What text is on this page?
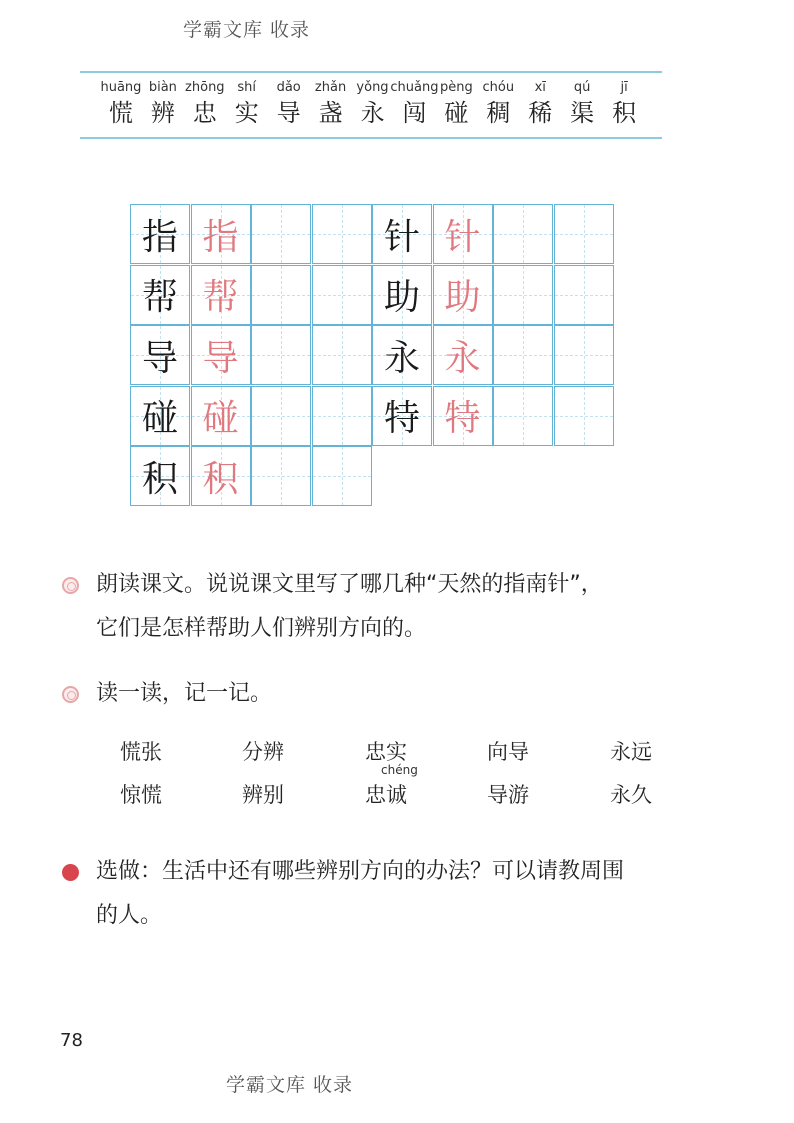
学霸文库 收录
huāng
慌
biàn
辨
zhōng
忠
shí
实
dǎo
导
zhǎn
盏
yǒng
永
chuǎng
闯
pèng
碰
chóu
稠
xī
稀
qú
渠
jī
积
指 指
帮 帮
导 导
碰 碰
积 积
针 针
助 助
永 永
特 特
朗读课文。说说课文里写了哪几种“天然的指南针”，
它们是怎样帮助人们辨别方向的。
读一读，记一记。
慌张	分辨	忠实	向导	永远
chéng
惊慌	辨别	忠诚	导游	永久
选做：生活中还有哪些辨别方向的办法？可以请教周围
的人。
78
学霸文库 收录
